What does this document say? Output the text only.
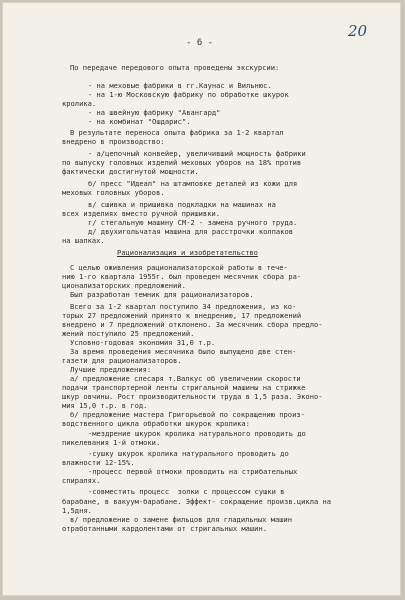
- 6 -
20
По передаче передового опыта проведены экскурсии:
- на меховые фабрики в гг.Каунас и Вильнюс.
- на 1-ю Московскую фабрику по обработке шкурок
кролика.
- на швейную фабрику "Авангард"
- на комбинат "Ошдарис".
В результате переноса опыта фабрика за 1-2 квартал
внедрено в производство:
- а/цепочный конвейер, увеличивший мощность фабрики
по выпуску головных изделий меховых уборов на 18% против
фактически достигнутой мощности.
б/ пресс "Идеал" на штамповке деталей из кожи для
меховых головных уборов.
в/ сшивка и пришивка подкладки на машинах на
всех изделиях вместо ручной пришивки.
г/ стегальную машину СМ-2 - замена ручного труда.
д/ двухигольчатая машина для расстрочки колпаков
на шапках.
Рационализация и изобретательство
С целью оживления рационализаторской работы в тече-
нию 1-го квартала 1955г. был проведен месячник сбора ра-
ционализаторских предложений.
Был разработан темник для рационализаторов.
Всего за 1-2 квартал поступило 34 предложения, из ко-
торых 27 предложений принято к внедрению, 17 предложений
внедрено и 7 предложений отклонено. За месячник сбора предло-
жений поступило 25 предложений.
Условно-годовая экономия 31,0 т.р.
За время проведения месячника было выпущено две стен-
газети для рационализаторов.
Лучшие предложения:
а/ предложение слесаря т.Валкус об увеличении скорости
подачи транспортерной ленты стригальной машины на стрижке
шкур овчины. Рост производительности труда в 1,5 раза. Эконо-
мия 15,0 т.р. в год.
б/ предложение мастера Григорьевой по сокращению произ-
водственного цикла обработки шкурок кролика:
-мездрение шкурок кролика натурального проводить до
пикелевания 1-й отмоки.
-сушку шкурок кролика натурального проводить до
влажности 12-15%.
-процесс первой отмоки проводить на стрибательных
спиралях.
-совместить процесс  золки с процессом сушки в
барабане, в вакуум-барабане. Эффект- сокращение произв.цикла на
1,5дня.
в/ предложение о замене фильцов для гладильных машин
отработанными кардолентами от стригальных машин.
